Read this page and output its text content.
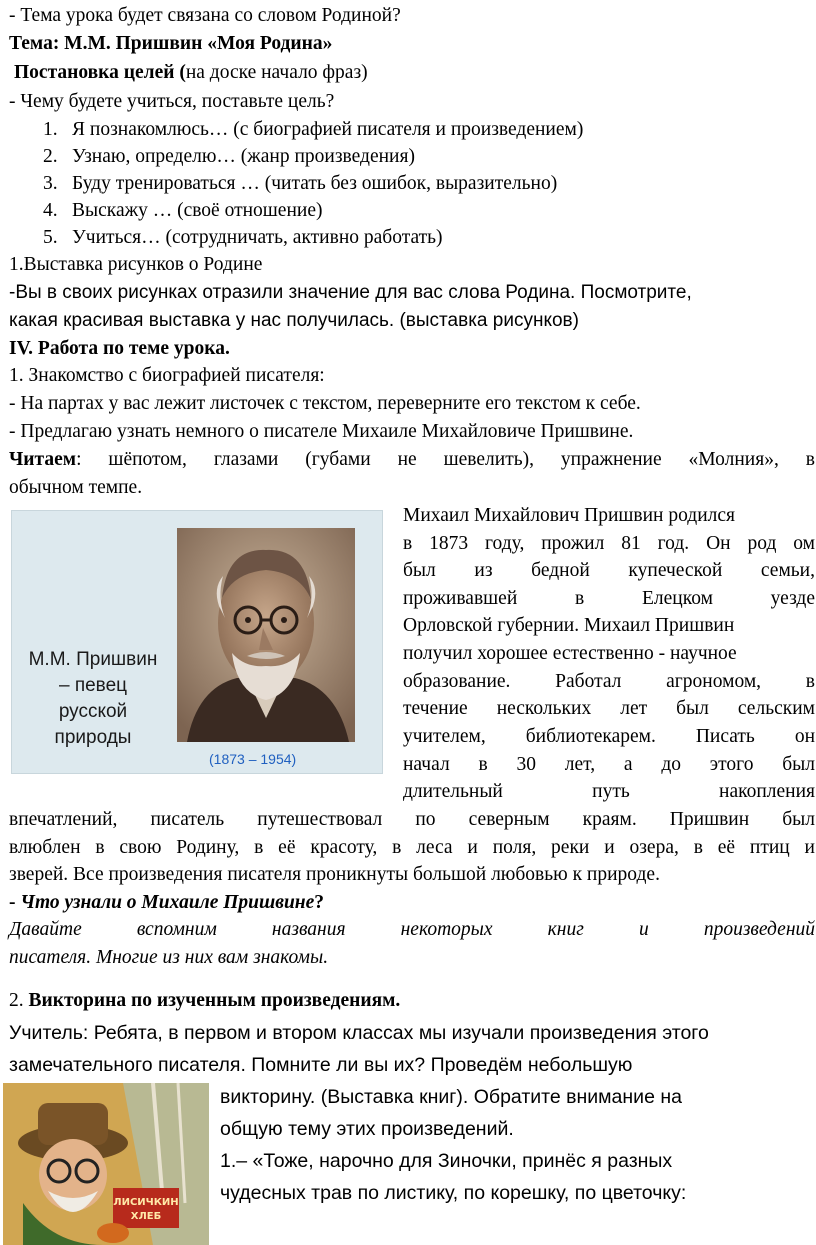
- Тема урока будет связана со словом Родиной?
Тема: М.М. Пришвин «Моя Родина»
Постановка целей (на доске начало фраз)
- Чему будете учиться, поставьте цель?
1. Я познакомлюсь… (с биографией писателя и произведением)
2. Узнаю, определю… (жанр произведения)
3. Буду тренироваться … (читать без ошибок, выразительно)
4. Выскажу … (своё отношение)
5. Учиться… (сотрудничать, активно работать)
1.Выставка рисунков о Родине
-Вы в своих рисунках отразили значение для вас слова Родина. Посмотрите,
какая красивая выставка у нас получилась. (выставка рисунков)
IV. Работа по теме урока.
1. Знакомство с биографией писателя:
- На партах у вас лежит листочек с текстом, переверните его текстом к себе.
- Предлагаю узнать немного о писателе Михаиле Михайловиче Пришвине.
Читаем: шёпотом, глазами (губами не шевелить), упражнение «Молния», в
обычном темпе.
М.М. Пришвин
– певец
русской
природы
(1873 – 1954)
Михаил Михайлович Пришвин родился
в 1873 году, прожил 81 год. Он род ом
был из бедной купеческой семьи,
проживавшей в Елецком уезде
Орловской губернии. Михаил Пришвин
получил хорошее естественно - научное
образование. Работал агрономом, в
течение нескольких лет был сельским
учителем, библиотекарем. Писать он
начал в 30 лет, а до этого был
длительный путь накопления
впечатлений, писатель путешествовал по северным краям. Пришвин был
влюблен в свою Родину, в её красоту, в леса и поля, реки и озера, в её птиц и
зверей. Все произведения писателя проникнуты большой любовью к природе.
- Что узнали о Михаиле Пришвине?
Давайте вспомним названия некоторых книг и произведений
писателя. Многие из них вам знакомы.
2. Викторина по изученным произведениям.
Учитель: Ребята, в первом и втором классах мы изучали произведения этого
замечательного писателя. Помните ли вы их? Проведём небольшую
ЛИСИЧКИН
ХЛЕБ
викторину. (Выставка книг). Обратите внимание на
общую тему этих произведений.
1.– «Тоже, нарочно для Зиночки, принёс я разных
чудесных трав по листику, по корешку, по цветочку:
